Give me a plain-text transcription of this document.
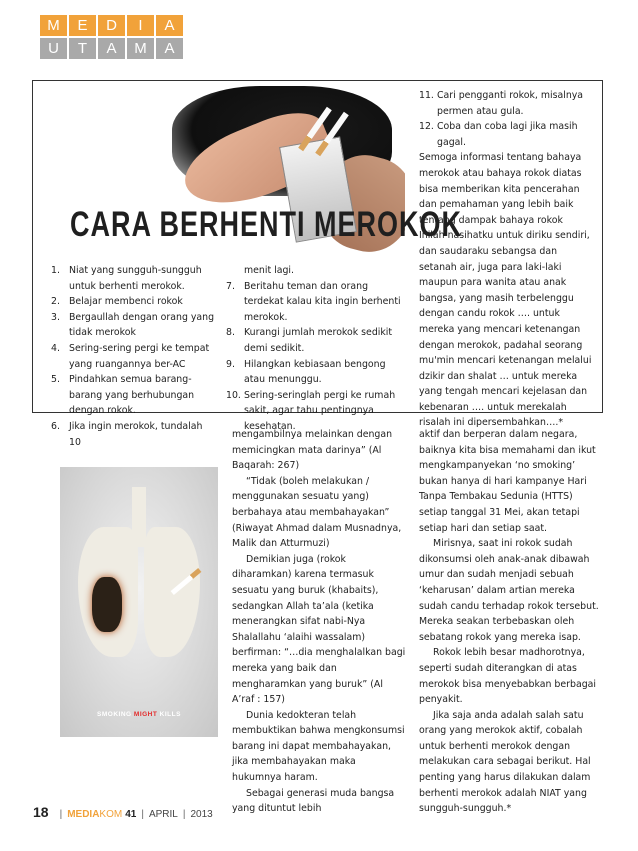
M	E	D	I	A
U	T	A	M	A
CARA BERHENTI MEROKOK
1. Niat yang sungguh-sungguh untuk berhenti merokok.
2. Belajar membenci rokok
3. Bergaullah dengan orang yang tidak merokok
4. Sering-sering pergi ke tempat yang ruangannya ber-AC
5. Pindahkan semua barang-barang yang berhubungan dengan rokok.
6. Jika ingin merokok, tundalah 10
menit lagi.
7. Beritahu teman dan orang terdekat kalau kita ingin berhenti merokok.
8. Kurangi jumlah merokok sedikit demi sedikit.
9. Hilangkan kebiasaan bengong atau menunggu.
10. Sering-seringlah pergi ke rumah sakit, agar tahu pentingnya kesehatan.
11. Cari pengganti rokok, misalnya permen atau gula.
12. Coba dan coba lagi jika masih gagal.

Semoga informasi tentang bahaya merokok atau bahaya rokok diatas bisa memberikan kita pencerahan dan pemahaman yang lebih baik tentang dampak bahaya rokok

Inilah nasihatku untuk diriku sendiri, dan saudaraku sebangsa dan setanah air, juga para laki-laki maupun para wanita atau anak bangsa, yang masih terbelenggu dengan candu rokok …. untuk mereka yang mencari ketenangan dengan merokok, padahal seorang mu'min mencari ketenangan melalui dzikir dan shalat … untuk mereka yang tengah mencari kejelasan dan kebenaran …. untuk merekalah risalah ini dipersembahkan….*

SMOKING MIGHT KILLS

mengambilnya melainkan dengan memicingkan mata darinya” (Al Baqarah: 267)

“Tidak (boleh melakukan / menggunakan sesuatu yang) berbahaya atau membahayakan” (Riwayat Ahmad dalam Musnadnya, Malik dan Atturmuzi)

Demikian juga (rokok diharamkan) karena termasuk sesuatu yang buruk (khabaits), sedangkan Allah ta’ala (ketika menerangkan sifat nabi-Nya Shalallahu ‘alaihi wassalam) berfirman: “…dia menghalalkan bagi mereka yang baik dan mengharamkan yang buruk” (Al A’raf : 157)

Dunia kedokteran telah membuktikan bahwa mengkonsumsi barang ini dapat membahayakan, jika membahayakan maka hukumnya haram.

Sebagai generasi muda bangsa yang dituntut lebih

aktif dan berperan dalam negara, baiknya kita bisa memahami dan ikut mengkampanyekan ‘no smoking’ bukan hanya di hari kampanye Hari Tanpa Tembakau Sedunia (HTTS) setiap tanggal 31 Mei, akan tetapi setiap hari dan setiap saat.

Mirisnya, saat ini rokok sudah dikonsumsi oleh anak-anak dibawah umur dan sudah menjadi sebuah ‘keharusan’ dalam artian mereka sudah candu terhadap rokok tersebut. Mereka seakan terbebaskan oleh sebatang rokok yang mereka isap.

Rokok lebih besar madhorotnya, seperti sudah diterangkan di atas merokok bisa menyebabkan berbagai penyakit.

Jika saja anda adalah salah satu orang yang merokok aktif, cobalah untuk berhenti merokok dengan melakukan cara sebagai berikut. Hal penting yang harus dilakukan dalam berhenti merokok adalah NIAT yang sungguh-sungguh.*

18 | MEDIA KOM 41 | APRIL | 2013
